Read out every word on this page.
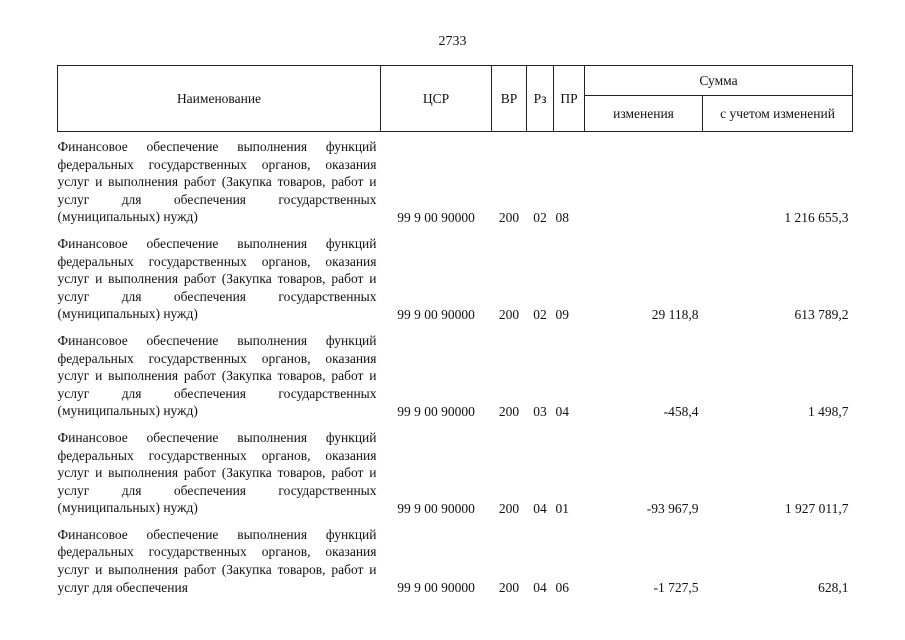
2733
Наименование	ЦСР	ВР	Рз	ПР	Сумма	
					изменения	с учетом изменений
Финансовое обеспечение выполнения функций федеральных государственных органов, оказания услуг и выполнения работ (Закупка товаров, работ и услуг для обеспечения государственных (муниципальных) нужд)	99 9 00 90000	200	02	08		1 216 655,3
Финансовое обеспечение выполнения функций федеральных государственных органов, оказания услуг и выполнения работ (Закупка товаров, работ и услуг для обеспечения государственных (муниципальных) нужд)	99 9 00 90000	200	02	09	29 118,8	613 789,2
Финансовое обеспечение выполнения функций федеральных государственных органов, оказания услуг и выполнения работ (Закупка товаров, работ и услуг для обеспечения государственных (муниципальных) нужд)	99 9 00 90000	200	03	04	-458,4	1 498,7
Финансовое обеспечение выполнения функций федеральных государственных органов, оказания услуг и выполнения работ (Закупка товаров, работ и услуг для обеспечения государственных (муниципальных) нужд)	99 9 00 90000	200	04	01	-93 967,9	1 927 011,7
Финансовое обеспечение выполнения функций федеральных государственных органов, оказания услуг и выполнения работ (Закупка товаров, работ и услуг для обеспечения	99 9 00 90000	200	04	06	-1 727,5	628,1
